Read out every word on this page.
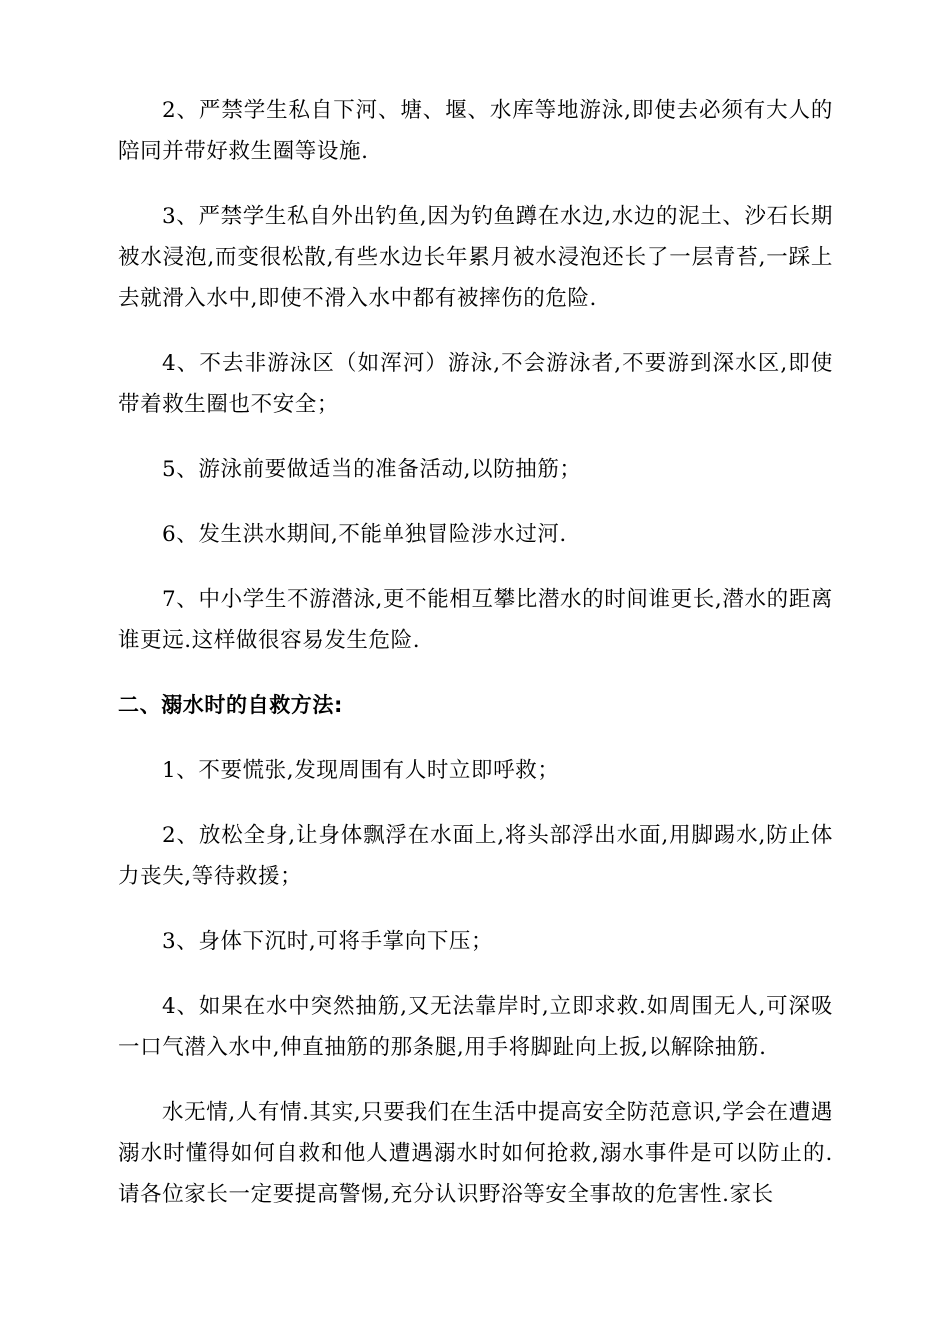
2、严禁学生私自下河、塘、堰、水库等地游泳,即使去必须有大人的陪同并带好救生圈等设施.

3、严禁学生私自外出钓鱼,因为钓鱼蹲在水边,水边的泥土、沙石长期被水浸泡,而变很松散,有些水边长年累月被水浸泡还长了一层青苔,一踩上去就滑入水中,即使不滑入水中都有被摔伤的危险.

4、不去非游泳区（如浑河）游泳,不会游泳者,不要游到深水区,即使带着救生圈也不安全；

5、游泳前要做适当的准备活动,以防抽筋；

6、发生洪水期间,不能单独冒险涉水过河.

7、中小学生不游潜泳,更不能相互攀比潜水的时间谁更长,潜水的距离谁更远.这样做很容易发生危险.

二、溺水时的自救方法:

1、不要慌张,发现周围有人时立即呼救；

2、放松全身,让身体飘浮在水面上,将头部浮出水面,用脚踢水,防止体力丧失,等待救援；

3、身体下沉时,可将手掌向下压；

4、如果在水中突然抽筋,又无法靠岸时,立即求救.如周围无人,可深吸一口气潜入水中,伸直抽筋的那条腿,用手将脚趾向上扳,以解除抽筋.

水无情,人有情.其实,只要我们在生活中提高安全防范意识,学会在遭遇溺水时懂得如何自救和他人遭遇溺水时如何抢救,溺水事件是可以防止的.请各位家长一定要提高警惕,充分认识野浴等安全事故的危害性.家长
